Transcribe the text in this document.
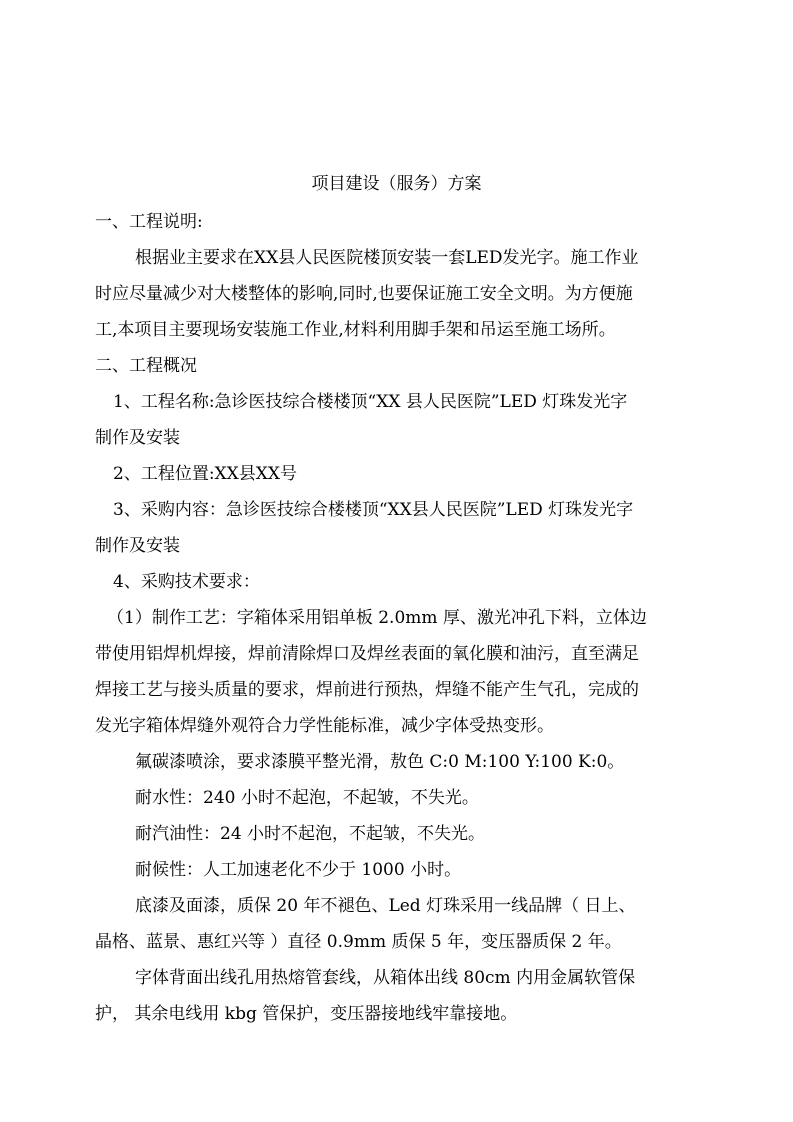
项目建设（服务）方案
一、工程说明:
根据业主要求在XX县人民医院楼顶安装一套LED发光字。施工作业
时应尽量减少对大楼整体的影响,同时,也要保证施工安全文明。为方便施
工,本项目主要现场安装施工作业,材料利用脚手架和吊运至施工场所。
二、工程概况
1、工程名称:急诊医技综合楼楼顶“XX 县人民医院”LED 灯珠发光字
制作及安装
2、工程位置:XX县XX号
3、采购内容：急诊医技综合楼楼顶“XX县人民医院”LED 灯珠发光字
制作及安装
4、采购技术要求：
（1）制作工艺：字箱体采用铝单板 2.0mm 厚、激光冲孔下料，立体边
带使用铝焊机焊接，焊前清除焊口及焊丝表面的氧化膜和油污，直至满足
焊接工艺与接头质量的要求，焊前进行预热，焊缝不能产生气孔，完成的
发光字箱体焊缝外观符合力学性能标准，减少字体受热变形。
氟碳漆喷涂，要求漆膜平整光滑，敖色 C:0 M:100 Y:100 K:0。
耐水性：240 小时不起泡，不起皱，不失光。
耐汽油性：24 小时不起泡，不起皱，不失光。
耐候性：人工加速老化不少于 1000 小时。
底漆及面漆，质保 20 年不褪色、Led 灯珠采用一线品牌（ 日上、
晶格、蓝景、惠红兴等 ）直径 0.9mm 质保 5 年，变压器质保 2 年。
字体背面出线孔用热熔管套线，从箱体出线 80cm 内用金属软管保
护， 其余电线用 kbg 管保护，变压器接地线牢靠接地。
